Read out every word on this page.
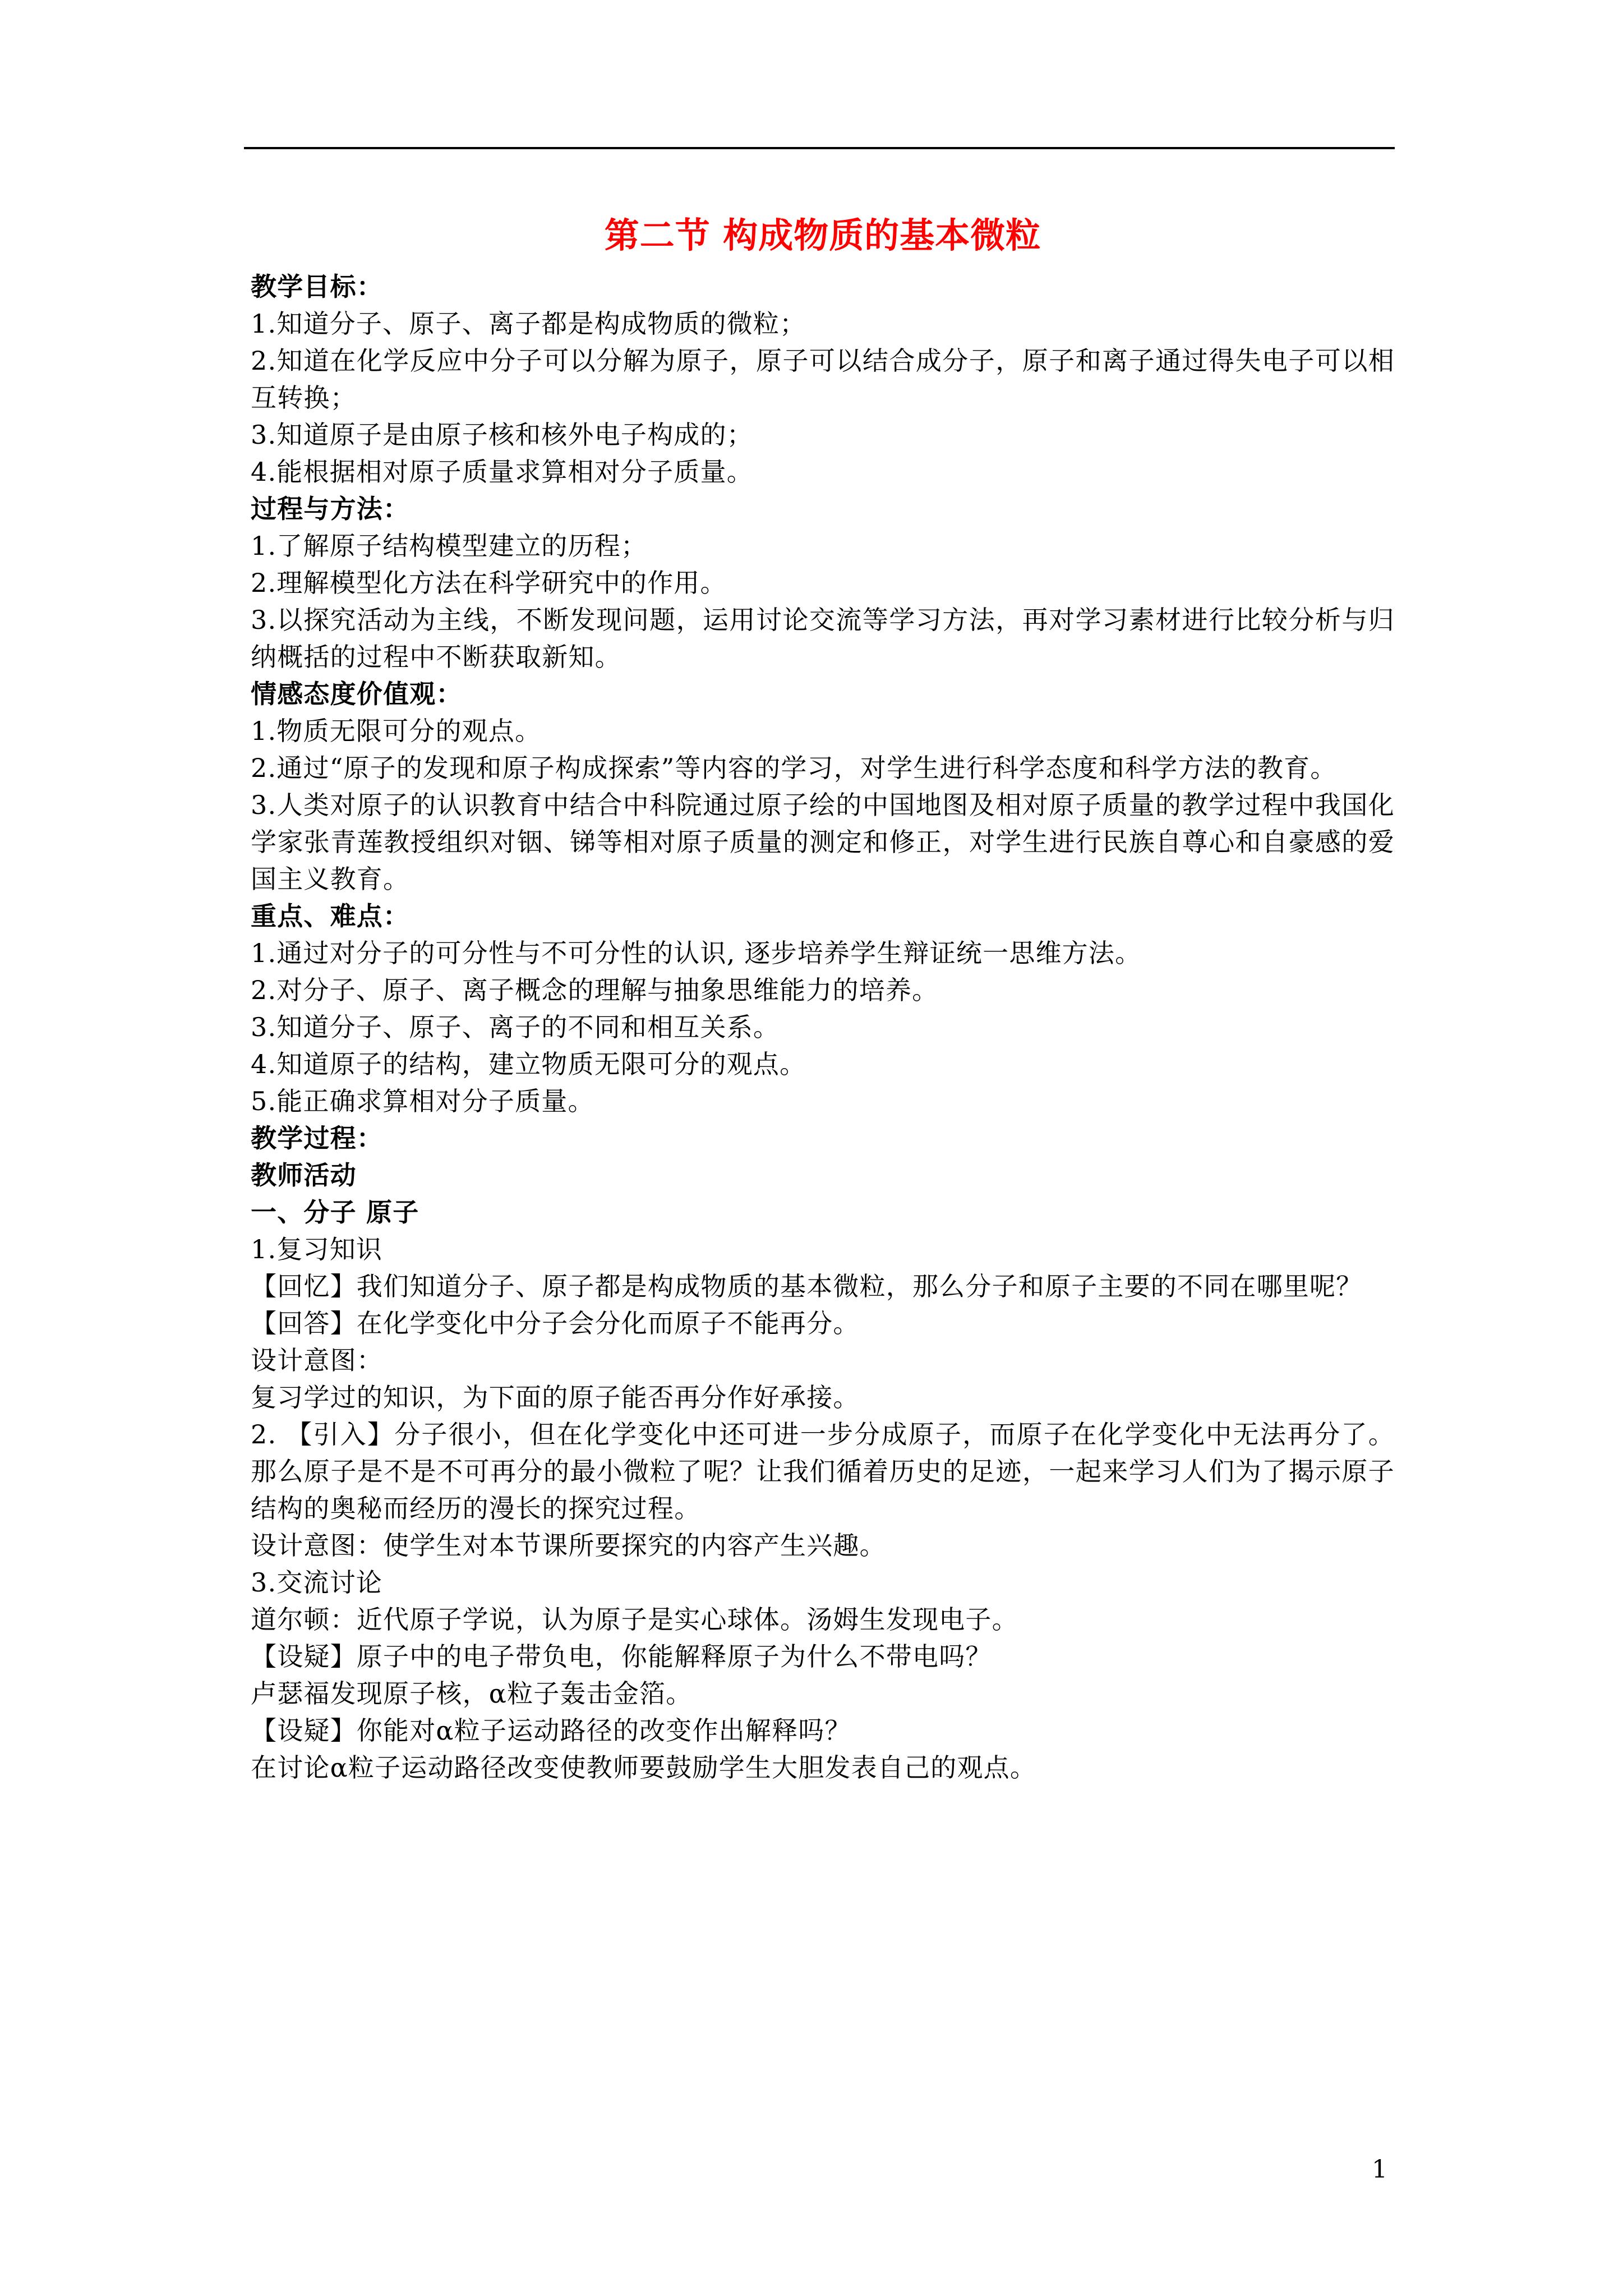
第二节 构成物质的基本微粒

教学目标：

1.知道分子、原子、离子都是构成物质的微粒；

2.知道在化学反应中分子可以分解为原子，原子可以结合成分子，原子和离子通过得失电子可以相互转换；

3.知道原子是由原子核和核外电子构成的；

4.能根据相对原子质量求算相对分子质量。

过程与方法：

1.了解原子结构模型建立的历程；

2.理解模型化方法在科学研究中的作用。

3.以探究活动为主线，不断发现问题，运用讨论交流等学习方法，再对学习素材进行比较分析与归纳概括的过程中不断获取新知。

情感态度价值观：

1.物质无限可分的观点。

2.通过“原子的发现和原子构成探索”等内容的学习，对学生进行科学态度和科学方法的教育。

3.人类对原子的认识教育中结合中科院通过原子绘的中国地图及相对原子质量的教学过程中我国化学家张青莲教授组织对铟、锑等相对原子质量的测定和修正，对学生进行民族自尊心和自豪感的爱国主义教育。

重点、难点：

1.通过对分子的可分性与不可分性的认识, 逐步培养学生辩证统一思维方法。

2.对分子、原子、离子概念的理解与抽象思维能力的培养。

3.知道分子、原子、离子的不同和相互关系。

4.知道原子的结构，建立物质无限可分的观点。

5.能正确求算相对分子质量。

教学过程：

教师活动

一、分子 原子

1.复习知识

【回忆】我们知道分子、原子都是构成物质的基本微粒，那么分子和原子主要的不同在哪里呢？

【回答】在化学变化中分子会分化而原子不能再分。

设计意图：

复习学过的知识，为下面的原子能否再分作好承接。

2. 【引入】分子很小，但在化学变化中还可进一步分成原子，而原子在化学变化中无法再分了。那么原子是不是不可再分的最小微粒了呢？让我们循着历史的足迹，一起来学习人们为了揭示原子结构的奥秘而经历的漫长的探究过程。

设计意图：使学生对本节课所要探究的内容产生兴趣。

3.交流讨论

道尔顿：近代原子学说，认为原子是实心球体。汤姆生发现电子。

【设疑】原子中的电子带负电，你能解释原子为什么不带电吗？

卢瑟福发现原子核，α粒子轰击金箔。

【设疑】你能对α粒子运动路径的改变作出解释吗？

在讨论α粒子运动路径改变使教师要鼓励学生大胆发表自己的观点。

1
